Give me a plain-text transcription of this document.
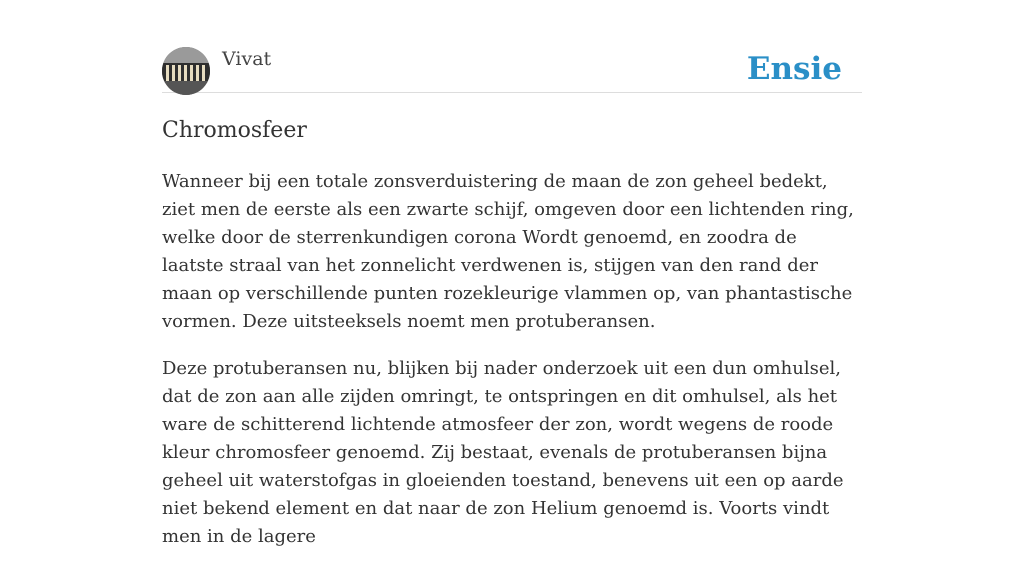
Vivat	Ensie
Chromosfeer

Wanneer bij een totale zonsverduistering de maan de zon geheel bedekt, ziet men de eerste als een zwarte schijf, omgeven door een lichtenden ring, welke door de sterrenkundigen corona Wordt genoemd, en zoodra de laatste straal van het zonnelicht verdwenen is, stijgen van den rand der maan op verschillende punten rozekleurige vlammen op, van phantastische vormen. Deze uitsteeksels noemt men protuberansen.

Deze protuberansen nu, blijken bij nader onderzoek uit een dun omhulsel, dat de zon aan alle zijden omringt, te ontspringen en dit omhulsel, als het ware de schitterend lichtende atmosfeer der zon, wordt wegens de roode kleur chromosfeer genoemd. Zij bestaat, evenals de protuberansen bijna geheel uit waterstofgas in gloeienden toestand, benevens uit een op aarde niet bekend element en dat naar de zon Helium genoemd is. Voorts vindt men in de lagere
